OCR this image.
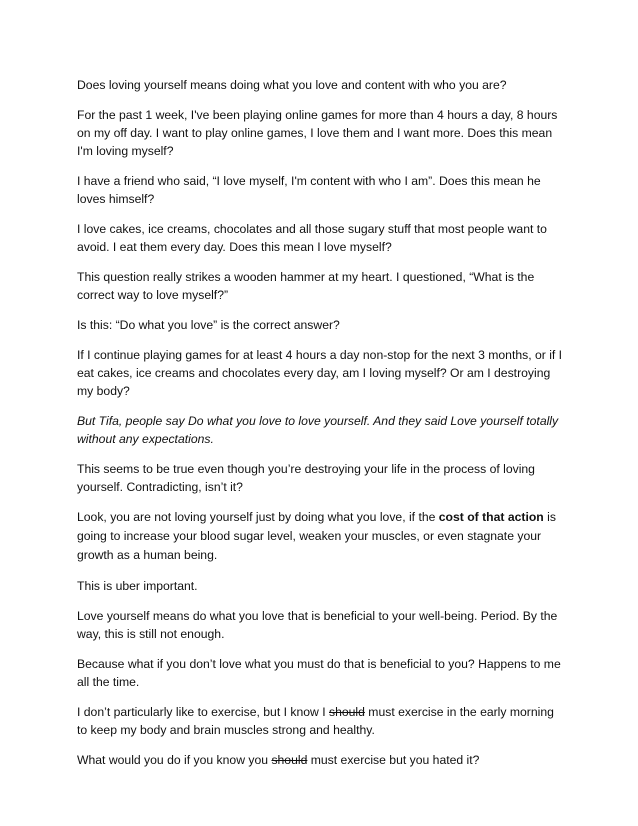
Does loving yourself means doing what you love and content with who you are?

For the past 1 week, I've been playing online games for more than 4 hours a day, 8 hours on my off day. I want to play online games, I love them and I want more. Does this mean I'm loving myself?

I have a friend who said, “I love myself, I'm content with who I am”. Does this mean he loves himself?

I love cakes, ice creams, chocolates and all those sugary stuff that most people want to avoid. I eat them every day. Does this mean I love myself?

This question really strikes a wooden hammer at my heart. I questioned, “What is the correct way to love myself?”

Is this: “Do what you love” is the correct answer?

If I continue playing games for at least 4 hours a day non-stop for the next 3 months, or if I eat cakes, ice creams and chocolates every day, am I loving myself? Or am I destroying my body?

But Tifa, people say Do what you love to love yourself. And they said Love yourself totally without any expectations.

This seems to be true even though you’re destroying your life in the process of loving yourself. Contradicting, isn’t it?

Look, you are not loving yourself just by doing what you love, if the cost of that action is going to increase your blood sugar level, weaken your muscles, or even stagnate your growth as a human being.

This is uber important.

Love yourself means do what you love that is beneficial to your well-being. Period. By the way, this is still not enough.

Because what if you don’t love what you must do that is beneficial to you? Happens to me all the time.

I don’t particularly like to exercise, but I know I should must exercise in the early morning to keep my body and brain muscles strong and healthy.

What would you do if you know you should must exercise but you hated it?
